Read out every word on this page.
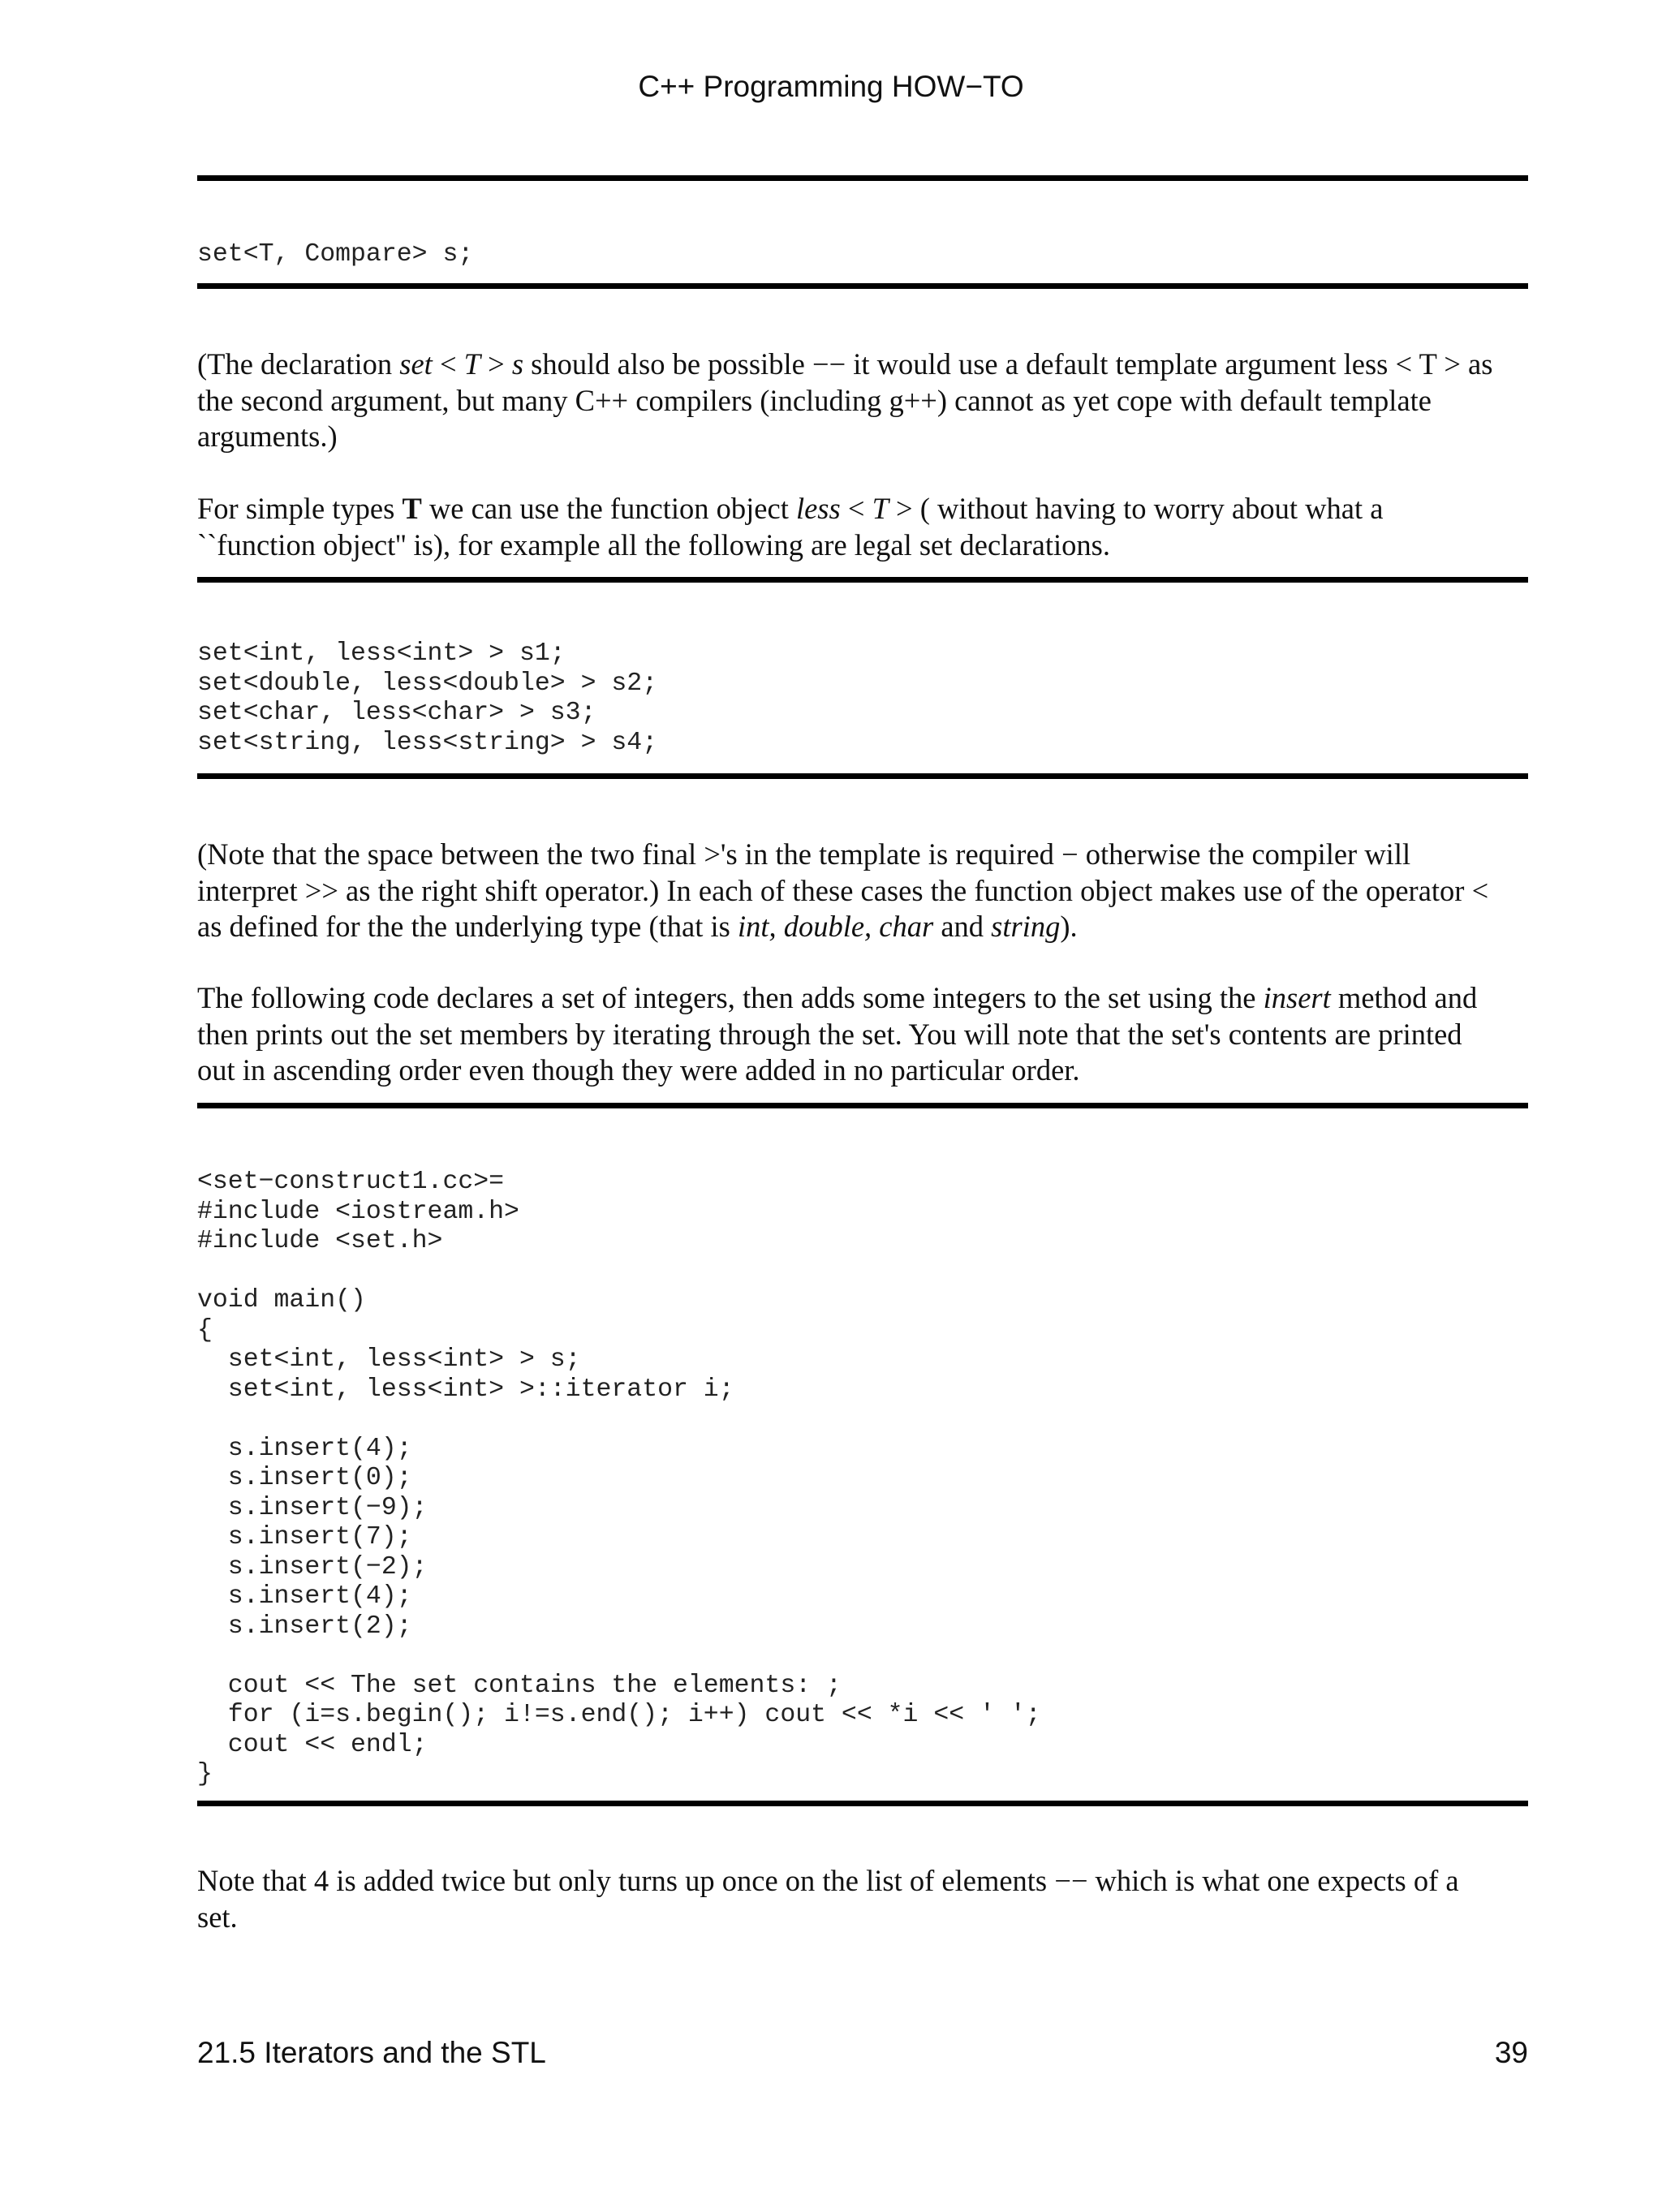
C++ Programming HOW−TO
set<T, Compare> s;
(The declaration set < T > s should also be possible −− it would use a default template argument less < T > as
the second argument, but many C++ compilers (including g++) cannot as yet cope with default template
arguments.)
For simple types T we can use the function object less < T > ( without having to worry about what a
``function object'' is), for example all the following are legal set declarations.
set<int, less<int> > s1;
set<double, less<double> > s2;
set<char, less<char> > s3;
set<string, less<string> > s4;
(Note that the space between the two final >'s in the template is required − otherwise the compiler will
interpret >> as the right shift operator.) In each of these cases the function object makes use of the operator <
as defined for the the underlying type (that is int, double, char and string).
The following code declares a set of integers, then adds some integers to the set using the insert method and
then prints out the set members by iterating through the set. You will note that the set's contents are printed
out in ascending order even though they were added in no particular order.
<set−construct1.cc>=
#include <iostream.h>
#include <set.h>

void main()
{
set<int, less<int> > s;
set<int, less<int> >::iterator i;

s.insert(4);
s.insert(0);
s.insert(−9);
s.insert(7);
s.insert(−2);
s.insert(4);
s.insert(2);

cout << The set contains the elements: ;
for (i=s.begin(); i!=s.end(); i++) cout << *i << ' ';
cout << endl;
}
Note that 4 is added twice but only turns up once on the list of elements −− which is what one expects of a
set.
21.5 Iterators and the STL	39
